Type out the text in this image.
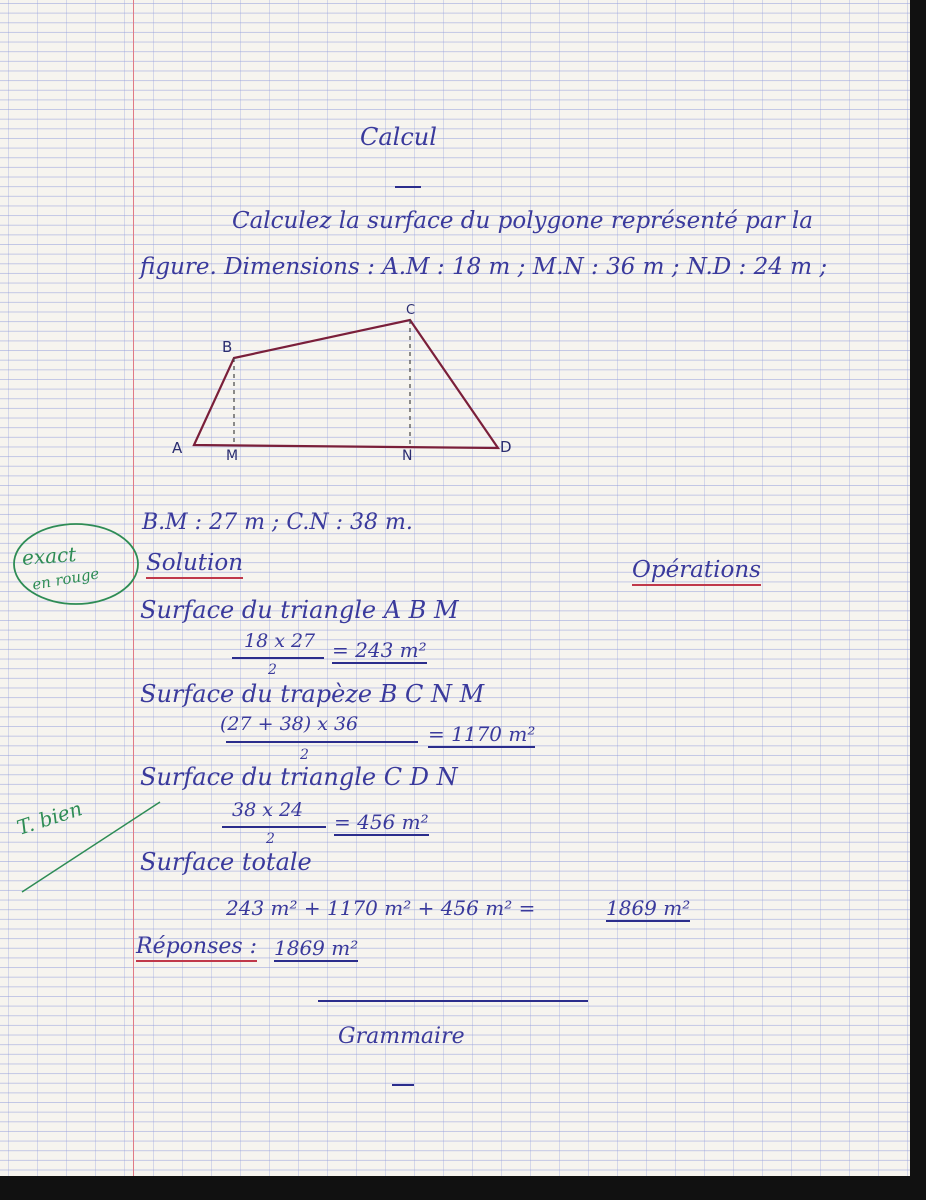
Calcul
Calculez la surface du polygone représenté par la
figure. Dimensions : A.M : 18 m ; M.N : 36 m ; N.D : 24 m ;
A
B
C
D
M	N
B.M : 27 m ; C.N : 38 m.
exact
en rouge
T. bien
Solution	Opérations
Surface du triangle A B M
18 x 27
2
= 243 m²
Surface du trapèze B C N M
(27 + 38) x 36
2
= 1170 m²
Surface du triangle C D N
38 x 24
2
= 456 m²
Surface totale
243 m² + 1170 m² + 456 m² =	1869 m²
Réponses : 1869 m²
Grammaire
